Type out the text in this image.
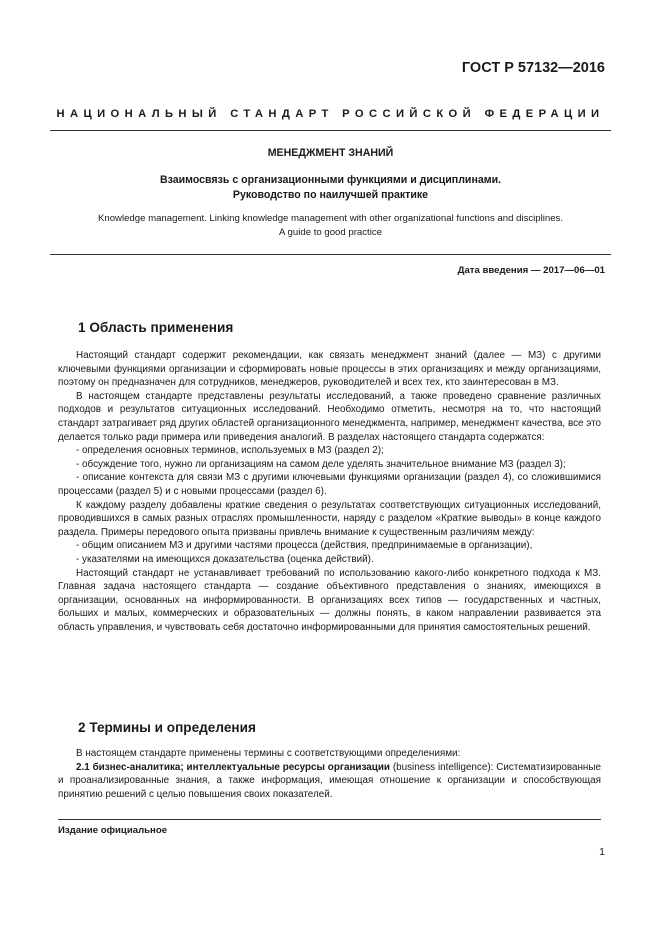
ГОСТ Р 57132—2016
НАЦИОНАЛЬНЫЙ СТАНДАРТ РОССИЙСКОЙ ФЕДЕРАЦИИ
МЕНЕДЖМЕНТ ЗНАНИЙ
Взаимосвязь с организационными функциями и дисциплинами.
Руководство по наилучшей практике
Knowledge management. Linking knowledge management with other organizational functions and disciplines.
A guide to good practice
Дата введения — 2017—06—01
1 Область применения

Настоящий стандарт содержит рекомендации, как связать менеджмент знаний (далее — МЗ) с другими ключевыми функциями организации и сформировать новые процессы в этих организациях и между организациями, поэтому он предназначен для сотрудников, менеджеров, руководителей и всех тех, кто заинтересован в МЗ.

В настоящем стандарте представлены результаты исследований, а также проведено сравнение различных подходов и результатов ситуационных исследований. Необходимо отметить, несмотря на то, что настоящий стандарт затрагивает ряд других областей организационного менеджмента, например, менеджмент качества, все это делается только ради примера или приведения аналогий. В разделах настоящего стандарта содержатся:

- определения основных терминов, используемых в МЗ (раздел 2);

- обсуждение того, нужно ли организациям на самом деле уделять значительное внимание МЗ (раздел 3);

- описание контекста для связи МЗ с другими ключевыми функциями организации (раздел 4), со сложившимися процессами (раздел 5) и с новыми процессами (раздел 6).

К каждому разделу добавлены краткие сведения о результатах соответствующих ситуационных исследований, проводившихся в самых разных отраслях промышленности, наряду с разделом «Краткие выводы» в конце каждого раздела. Примеры передового опыта призваны привлечь внимание к существенным различиям между:

- общим описанием МЗ и другими частями процесса (действия, предпринимаемые в организации),

- указателями на имеющихся доказательства (оценка действий).

Настоящий стандарт не устанавливает требований по использованию какого-либо конкретного подхода к МЗ. Главная задача настоящего стандарта — создание объективного представления о знаниях, имеющихся в организации, основанных на информированности. В организациях всех типов — государственных и частных, больших и малых, коммерческих и образовательных — должны понять, в каком направлении развивается эта область управления, и чувствовать себя достаточно информированными для принятия самостоятельных решений.

2 Термины и определения

В настоящем стандарте применены термины с соответствующими определениями:

2.1 бизнес-аналитика; интеллектуальные ресурсы организации (business intelligence): Систематизированные и проанализированные знания, а также информация, имеющая отношение к организации и способствующая принятию решений с целью повышения своих показателей.

Издание официальное
1
